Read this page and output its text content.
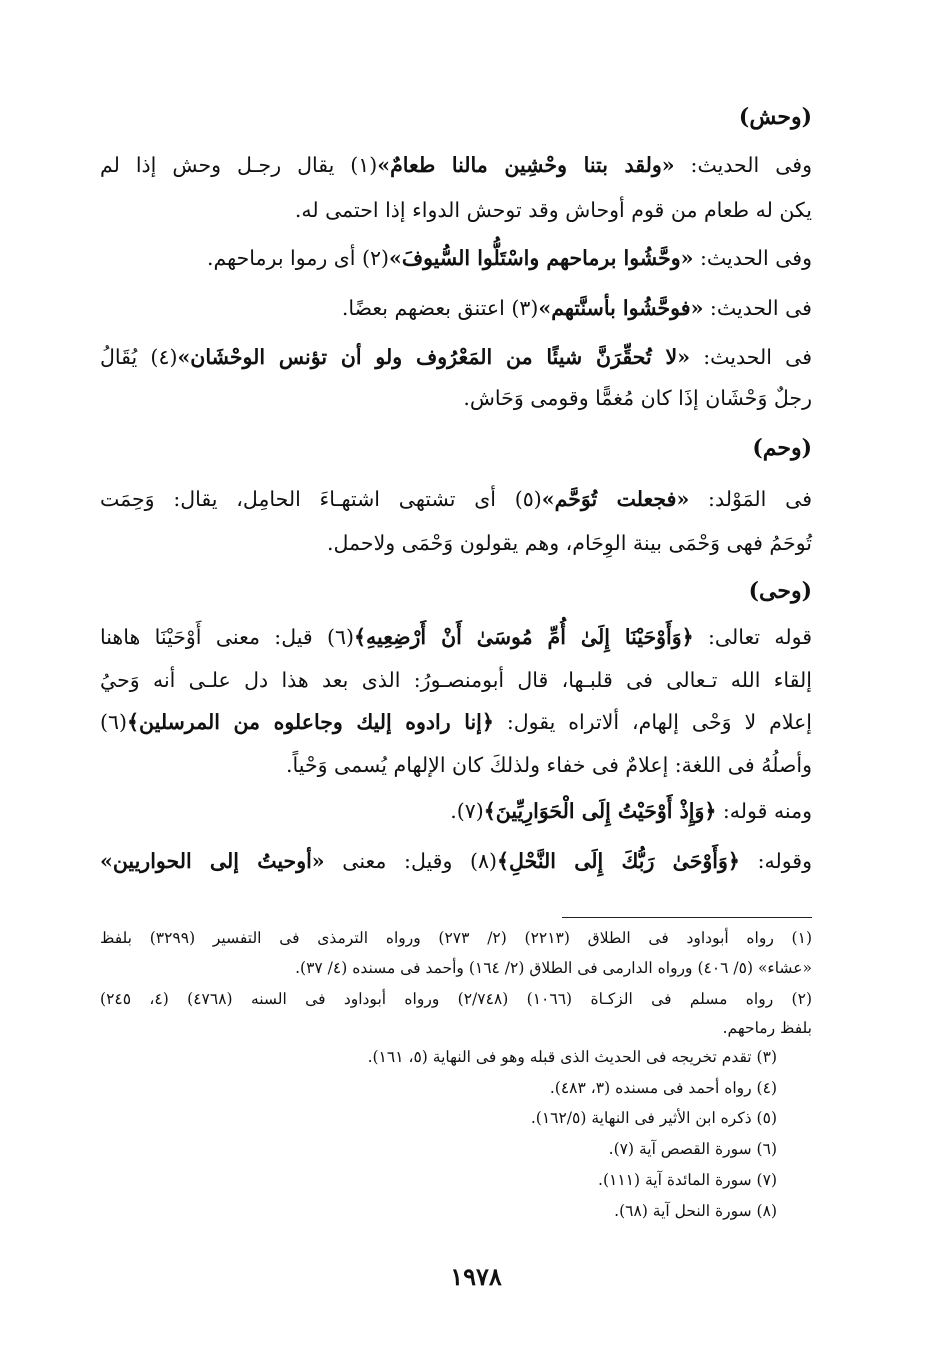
(وحش)
وفى الحديث: «ولقد بتنا وحْشِين مالنا طعامٌ»(١) يقال رجـل وحش إذا لم
يكن له طعام من قوم أوحاش وقد توحش الدواء إذا احتمى له.
وفى الحديث: «وحَّشُوا برماحهم واسْتَلُّوا السُّيوفَ»(٢) أى رموا برماحهم.
فى الحديث: «فوحَّشُوا بأسنَّتهم»(٣) اعتنق بعضهم بعضًا.
فى الحديث: «لا تُحقِّرَنَّ شيئًا من المَعْرُوف ولو أن تؤنس الوحْشَان»(٤) يُقَالُ
رجلٌ وَحْشَان إذَا كان مُغمًّا وقومى وَحَاش.
(وحم)
فى المَوْلد: «فجعلت تُوَحَّم»(٥) أى تشتهى اشتهـاءَ الحامِل، يقال: وَحِمَت
تُوحَمُ فهى وَحْمَى بينة الوِحَام، وهم يقولون وَحْمَى ولاحمل.
(وحى)
قوله تعالى: ﴿وَأَوْحَيْنَا إِلَىٰ أُمِّ مُوسَىٰ أَنْ أَرْضِعِيهِ﴾(٦) قيل: معنى أَوْحَيْنَا هاهنا
إلقاء الله تـعالى فى قلبـها، قال أبومنصـورُ: الذى بعد هذا دل علـى أنه وَحيُ
إعلام لا وَحْى إلهام، ألاتراه يقول: ﴿إنا رادوه إليك وجاعلوه من المرسلين﴾(٦)
وأصلُهُ فى اللغة: إعلامٌ فى خفاء ولذلكَ كان الإلهام يُسمى وَحْياً.
ومنه قوله: ﴿وَإِذْ أَوْحَيْتُ إِلَى الْحَوَارِيِّينَ﴾(٧).
وقوله: ﴿وَأَوْحَىٰ رَبُّكَ إِلَى النَّحْلِ﴾(٨) وقيل: معنى «أوحيتُ إلى الحواريين»
(١) رواه أبوداود فى الطلاق (٢٢١٣) (٢/ ٢٧٣) ورواه الترمذى فى التفسير (٣٢٩٩) بلفظ
«عشاء» (٥/ ٤٠٦) ورواه الدارمى فى الطلاق (٢/ ١٦٤) وأحمد فى مسنده (٤/ ٣٧).
(٢) رواه مسلم فى الزكـاة (١٠٦٦) (٢/٧٤٨) ورواه أبوداود فى السنه (٤٧٦٨) (٤، ٢٤٥)
بلفظ رماحهم.
(٣) تقدم تخريجه فى الحديث الذى قبله وهو فى النهاية (٥، ١٦١).
(٤) رواه أحمد فى مسنده (٣، ٤٨٣).
(٥) ذكره ابن الأثير فى النهاية (١٦٢/٥).
(٦) سورة القصص آية (٧).
(٧) سورة المائدة آية (١١١).
(٨) سورة النحل آية (٦٨).
١٩٧٨
